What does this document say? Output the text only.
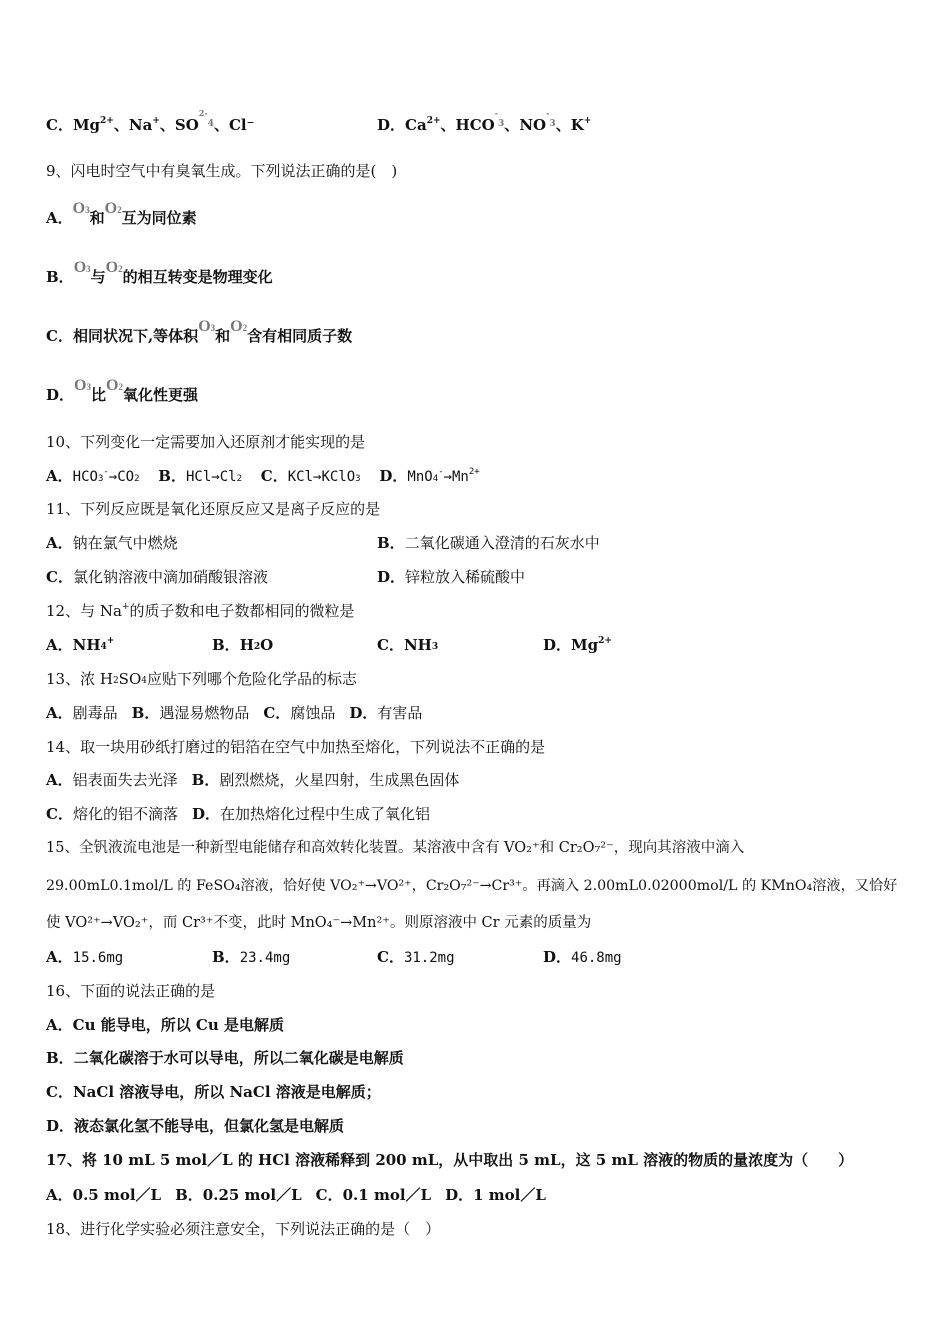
C．$Mg^{2+}$、Na+、SO$^{2-4}$、Cl⁻	D．$Ca^{2+}$、$HCO^{-3}$、$NO^{-3}$、K+
9、闪电时空气中有臭氧生成。下列说法正确的是(　)
A．O3和O2互为同位素
B．O3与O2的相互转变是物理变化
C．相同状况下,等体积O3和O2含有相同质子数
D．O3比O2氧化性更强
10、下列变化一定需要加入还原剂才能实现的是
A．$HCO_3^-\to CO_2$ B．$HCl\to Cl_2$ C．KCl→KClO$_3$ D．$MnO_4^-\to Mn^{2+}$
11、下列反应既是氧化还原反应又是离子反应的是
A．钠在氯气中燃烧	B．二氧化碳通入澄清的石灰水中
C．氯化钠溶液中滴加硝酸银溶液	D．锌粒放入稀硫酸中
12、与 Na+的质子数和电子数都相同的微粒是
A．$NH_4^+$	B．$H_2O$	C．$NH_3$	D．$Mg^{2+}$
13、浓 $H_2SO_4$应贴下列哪个危险化学品的标志
A．剧毒品 B．遇湿易燃物品 C．腐蚀品 D．有害品
14、取一块用砂纸打磨过的铝箔在空气中加热至熔化，下列说法不正确的是
A．铝表面失去光泽 B．剧烈燃烧，火星四射，生成黑色固体
C．熔化的铝不滴落 D．在加热熔化过程中生成了氧化铝
15、全钒液流电池是一种新型电能储存和高效转化装置。某溶液中含有 VO₂⁺和 Cr₂O₇²⁻，现向其溶液中滴入
29.00mL0.1mol/L 的 FeSO₄溶液，恰好使 VO₂⁺→VO²⁺，Cr₂O₇²⁻→Cr³⁺。再滴入 2.00mL0.02000mol/L 的 KMnO₄溶液，又恰好
使 VO²⁺→VO₂⁺，而 Cr³⁺不变，此时 MnO₄⁻→Mn²⁺。则原溶液中 Cr 元素的质量为
A．15.6mg	B．23.4mg	C．31.2mg	D．46.8mg
16、下面的说法正确的是
A．Cu 能导电，所以 Cu 是电解质
B．二氧化碳溶于水可以导电，所以二氧化碳是电解质
C．NaCl 溶液导电，所以 NaCl 溶液是电解质；
D．液态氯化氢不能导电，但氯化氢是电解质
17、将 10 mL 5 mol／L 的 HCl 溶液稀释到 200 mL，从中取出 5 mL，这 5 mL 溶液的物质的量浓度为（　　）
A．0.5 mol／L B．0.25 mol／L C．0.1 mol／L D．1 mol／L
18、进行化学实验必须注意安全，下列说法正确的是（　）
